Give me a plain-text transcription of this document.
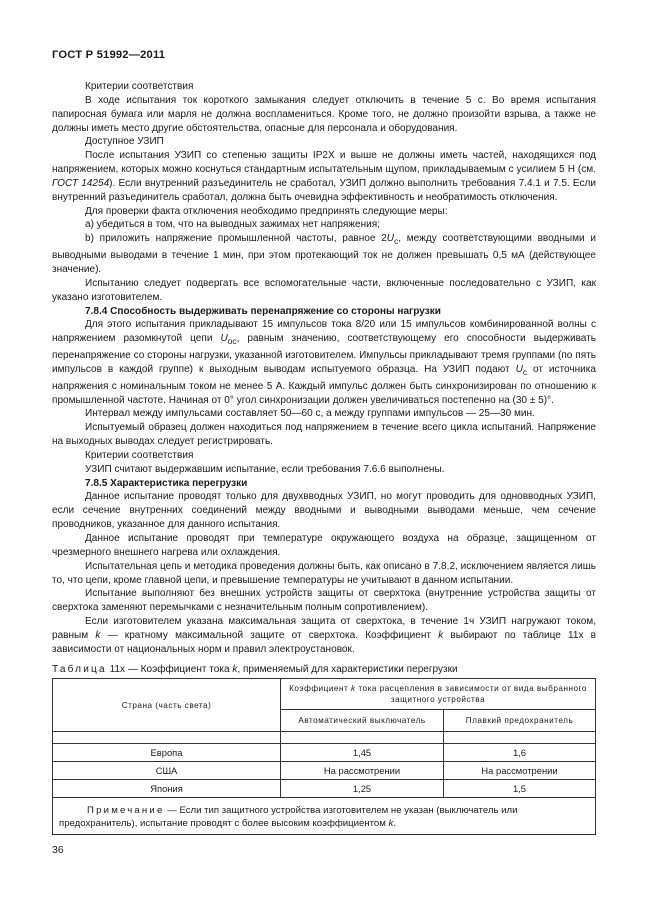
ГОСТ Р 51992—2011

Критерии соответствия

В ходе испытания ток короткого замыкания следует отключить в течение 5 с. Во время испытания папиросная бумага или марля не должна воспламениться. Кроме того, не должно произойти взрыва, а также не должны иметь место другие обстоятельства, опасные для персонала и оборудования.

Доступное УЗИП

После испытания УЗИП со степенью защиты IP2X и выше не должны иметь частей, находящихся под напряжением, которых можно коснуться стандартным испытательным щупом, прикладываемым с усилием 5 Н (см. ГОСТ 14254). Если внутренний разъединитель не сработал, УЗИП должно выполнить требования 7.4.1 и 7.5. Если внутренний разъединитель сработал, должна быть очевидна эффективность и необратимость отключения.

Для проверки факта отключения необходимо предпринять следующие меры:

а) убедиться в том, что на выводных зажимах нет напряжения;

b) приложить напряжение промышленной частоты, равное $2U_c$, между соответствующими вводными и выводными выводами в течение 1 мин, при этом протекающий ток не должен превышать 0,5 мА (действующее значение).

Испытанию следует подвергать все вспомогательные части, включенные последовательно с УЗИП, как указано изготовителем.

7.8.4 Способность выдерживать перенапряжение со стороны нагрузки

Для этого испытания прикладывают 15 импульсов тока 8/20 или 15 импульсов комбинированной волны с напряжением разомкнутой цепи $U_{ос}$, равным значению, соответствующему его способности выдерживать перенапряжение со стороны нагрузки, указанной изготовителем. Импульсы прикладывают тремя группами (по пять импульсов в каждой группе) к выходным выводам испытуемого образца. На УЗИП подают $U_c$ от источника напряжения с номинальным током не менее 5 А. Каждый импульс должен быть синхронизирован по отношению к промышленной частоте. Начиная от 0° угол синхронизации должен увеличиваться постепенно на (30 ± 5)°.

Интервал между импульсами составляет 50—60 с, а между группами импульсов — 25—30 мин.

Испытуемый образец должен находиться под напряжением в течение всего цикла испытаний. Напряжение на выходных выводах следует регистрировать.

Критерии соответствия

УЗИП считают выдержавшим испытание, если требования 7.6.6 выполнены.

7.8.5 Характеристика перегрузки

Данное испытание проводят только для двухвводных УЗИП, но могут проводить для одновводных УЗИП, если сечение внутренних соединений между вводными и выводными выводами меньше, чем сечение проводников, указанное для данного испытания.

Данное испытание проводят при температуре окружающего воздуха на образце, защищенном от чрезмерного внешнего нагрева или охлаждения.

Испытательная цепь и методика проведения должны быть, как описано в 7.8.2, исключением является лишь то, что цепи, кроме главной цепи, и превышение температуры не учитывают в данном испытании.

Испытание выполняют без внешних устройств защиты от сверхтока (внутренние устройства защиты от сверхтока заменяют перемычками с незначительным полным сопротивлением).

Если изготовителем указана максимальная защита от сверхтока, в течение 1ч УЗИП нагружают током, равным k — кратному максимальной защите от сверхтока. Коэффициент k выбирают по таблице 11х в зависимости от национальных норм и правил электроустановок.

Таблица 11х — Коэффициент тока k, применяемый для характеристики перегрузки

Страна (часть света)	Коэффициент k тока расцепления в зависимости от вида выбранного защитного устройства	
	Автоматический выключатель	Плавкий предохранитель

Европа	1,45	1,6
США	На рассмотрении	На рассмотрении
Япония	1,25	1,5
Примечание — Если тип защитного устройства изготовителем не указан (выключатель или предохранитель), испытание проводят с более высоким коэффициентом k.		
36
